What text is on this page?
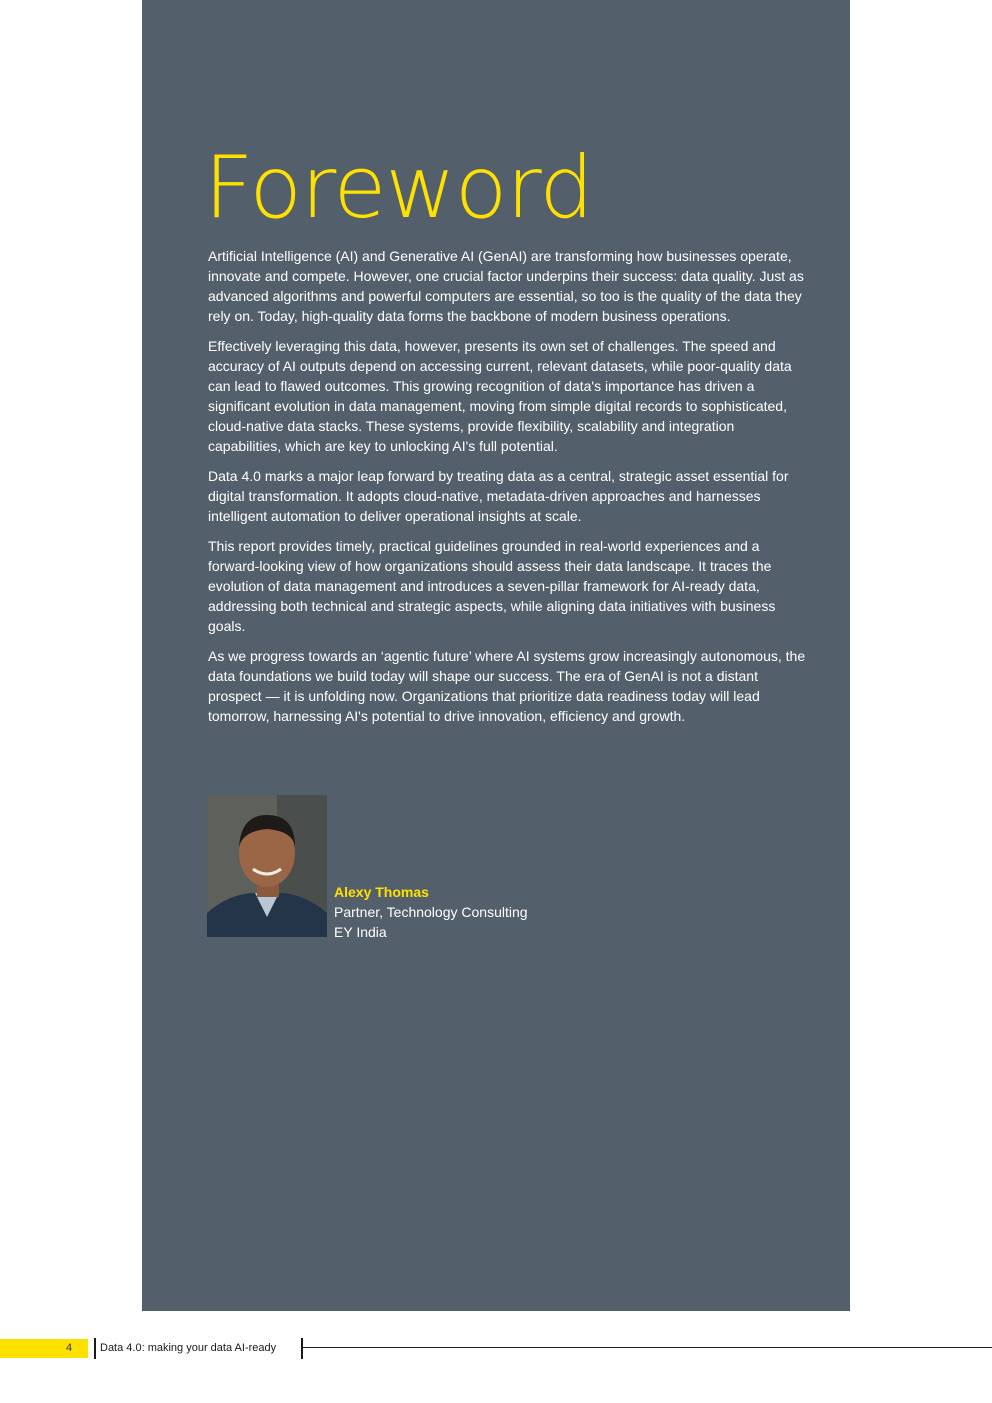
Foreword

Artificial Intelligence (AI) and Generative AI (GenAI) are transforming how businesses operate, innovate and compete. However, one crucial factor underpins their success: data quality. Just as advanced algorithms and powerful computers are essential, so too is the quality of the data they rely on. Today, high-quality data forms the backbone of modern business operations.

Effectively leveraging this data, however, presents its own set of challenges. The speed and accuracy of AI outputs depend on accessing current, relevant datasets, while poor-quality data can lead to flawed outcomes. This growing recognition of data's importance has driven a significant evolution in data management, moving from simple digital records to sophisticated, cloud-native data stacks. These systems, provide flexibility, scalability and integration capabilities, which are key to unlocking AI's full potential.

Data 4.0 marks a major leap forward by treating data as a central, strategic asset essential for digital transformation. It adopts cloud-native, metadata-driven approaches and harnesses intelligent automation to deliver operational insights at scale.

This report provides timely, practical guidelines grounded in real-world experiences and a forward-looking view of how organizations should assess their data landscape. It traces the evolution of data management and introduces a seven-pillar framework for AI-ready data, addressing both technical and strategic aspects, while aligning data initiatives with business goals.

As we progress towards an ‘agentic future’ where AI systems grow increasingly autonomous, the data foundations we build today will shape our success. The era of GenAI is not a distant prospect — it is unfolding now. Organizations that prioritize data readiness today will lead tomorrow, harnessing AI's potential to drive innovation, efficiency and growth.

Alexy Thomas
Partner, Technology Consulting
EY India
4	Data 4.0: making your data AI-ready
